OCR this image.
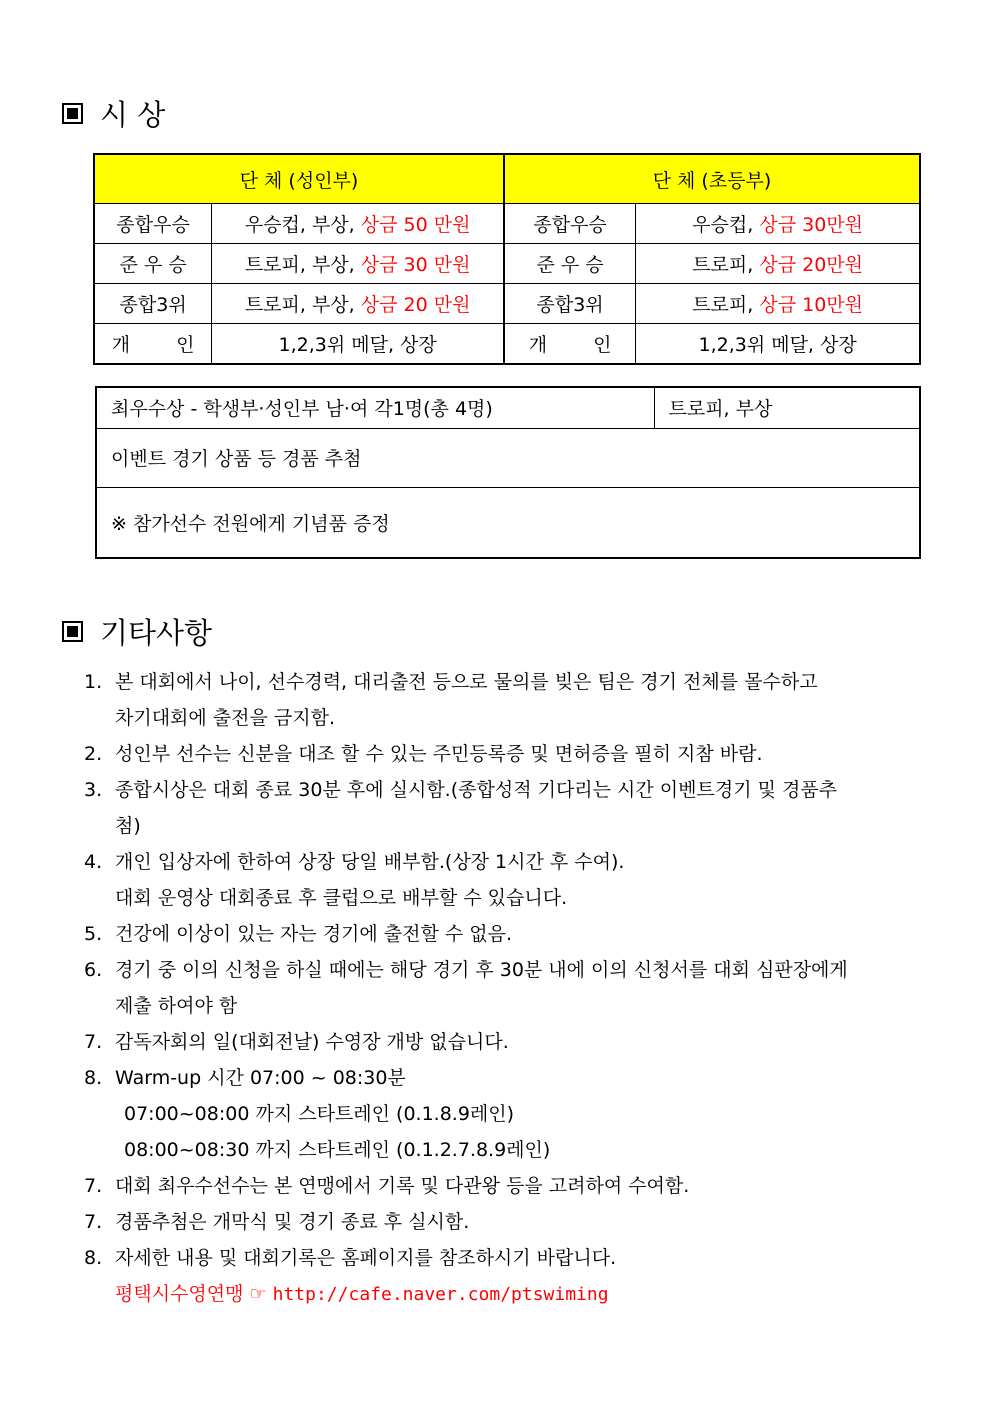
시 상
단 체 (성인부)		단 체 (초등부)	
종합우승	우승컵, 부상, 상금 50 만원	종합우승	우승컵, 상금 30만원
준 우 승	트로피, 부상, 상금 30 만원	준 우 승	트로피, 상금 20만원
종합3위	트로피, 부상, 상금 20 만원	종합3위	트로피, 상금 10만원
개 인	1,2,3위 메달, 상장	개 인	1,2,3위 메달, 상장
최우수상 - 학생부·성인부 남·여 각1명(총 4명)	트로피, 부상
이벤트 경기 상품 등 경품 추첨
※ 참가선수 전원에게 기념품 증정
기타사항
1. 본 대회에서 나이, 선수경력, 대리출전 등으로 물의를 빚은 팀은 경기 전체를 몰수하고
차기대회에 출전을 금지함.
2. 성인부 선수는 신분을 대조 할 수 있는 주민등록증 및 면허증을 필히 지참 바람.
3. 종합시상은 대회 종료 30분 후에 실시함.(종합성적 기다리는 시간 이벤트경기 및 경품추
첨)
4. 개인 입상자에 한하여 상장 당일 배부함.(상장 1시간 후 수여).
대회 운영상 대회종료 후 클럽으로 배부할 수 있습니다.
5. 건강에 이상이 있는 자는 경기에 출전할 수 없음.
6. 경기 중 이의 신청을 하실 때에는 해당 경기 후 30분 내에 이의 신청서를 대회 심판장에게
제출 하여야 함
7. 감독자회의 일(대회전날) 수영장 개방 없습니다.
8. Warm-up 시간 07:00 ~ 08:30분
07:00~08:00 까지 스타트레인 (0.1.8.9레인)
08:00~08:30 까지 스타트레인 (0.1.2.7.8.9레인)
7. 대회 최우수선수는 본 연맹에서 기록 및 다관왕 등을 고려하여 수여함.
7. 경품추첨은 개막식 및 경기 종료 후 실시함.
8. 자세한 내용 및 대회기록은 홈페이지를 참조하시기 바랍니다.
평택시수영연맹 ☞ http://cafe.naver.com/ptswiming
